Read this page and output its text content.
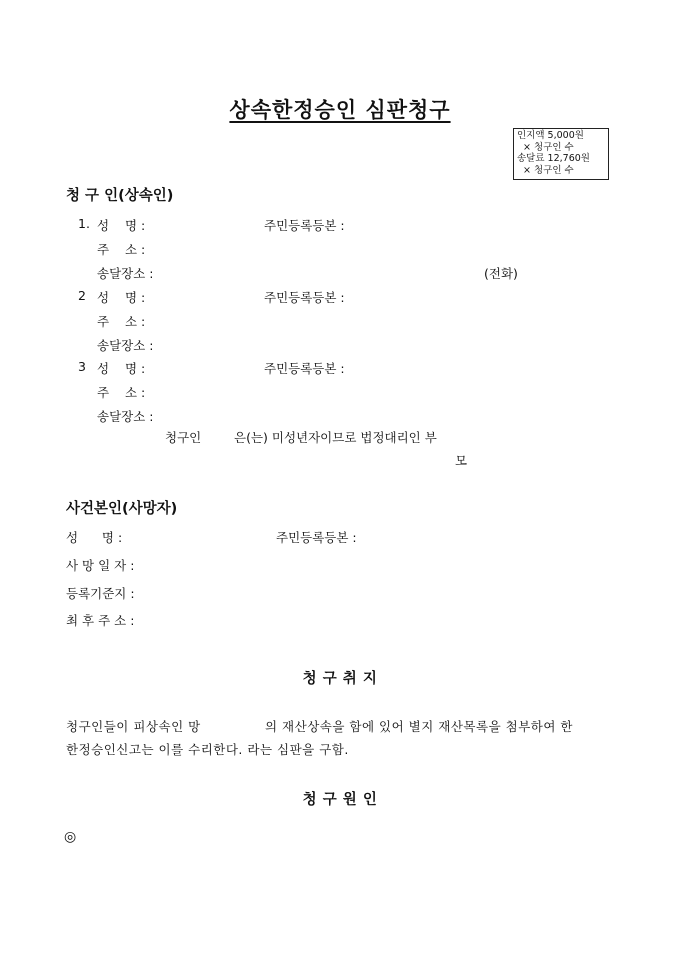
상속한정승인 심판청구
인지액 5,000원
× 청구인 수
송달료 12,760원
× 청구인 수
청 구 인(상속인)
1. 성    명 :	주민등록등본 :
주    소 :
송달장소 :	(전화)
2 성    명 :	주민등록등본 :
주    소 :
송달장소 :
3 성    명 :	주민등록등본 :
주    소 :
송달장소 :
청구인	은(는) 미성년자이므로 법정대리인 부
모
사건본인(사망자)
성      명 :	주민등록등본 :
사 망 일 자 :
등록기준지 :
최 후 주 소 :
청 구 취 지
청구인들이 피상속인 망	의 재산상속을 함에 있어 별지 재산목록을 첨부하여 한
한정승인신고는 이를 수리한다. 라는 심판을 구함.
청 구 원 인
◎
